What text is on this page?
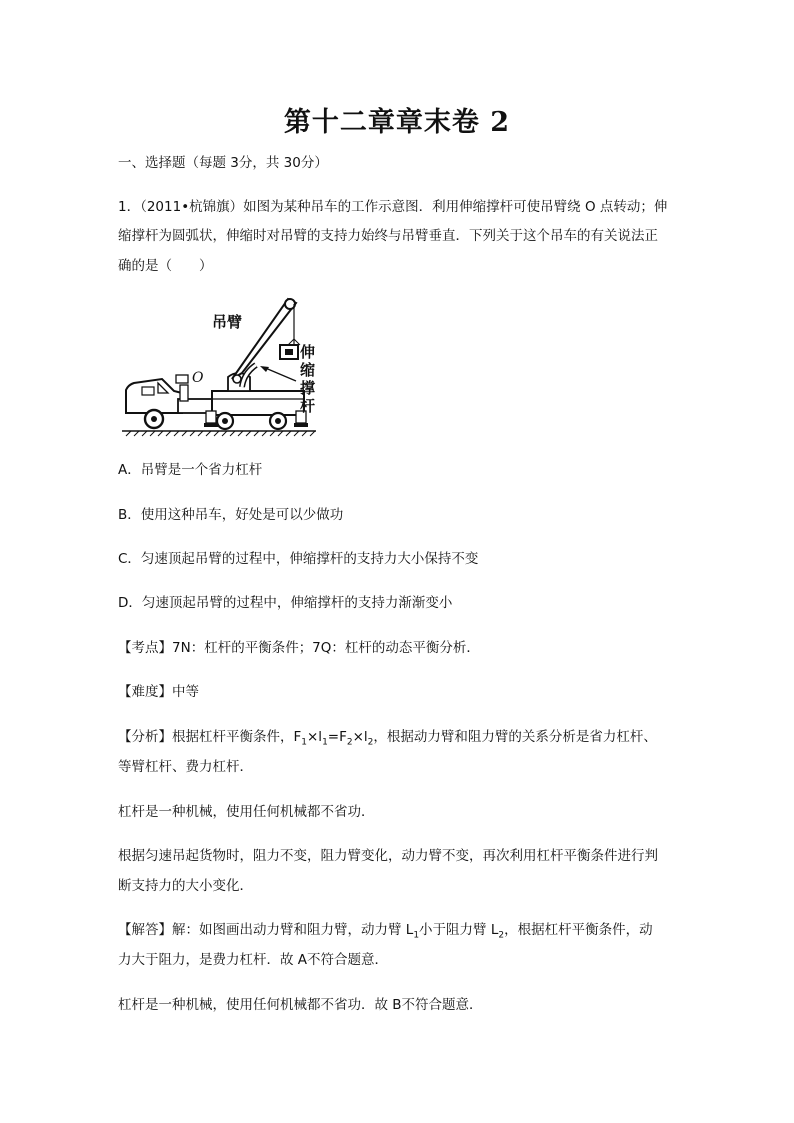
第十二章章末卷 2
一、选择题（每题 3分，共 30分）
1．（2011•杭锦旗）如图为某种吊车的工作示意图．利用伸缩撑杆可使吊臂绕 O 点转动；伸
缩撑杆为圆弧状，伸缩时对吊臂的支持力始终与吊臂垂直．下列关于这个吊车的有关说法正
确的是（　　）
吊臂
O
伸
缩
撑
杆
A．吊臂是一个省力杠杆
B．使用这种吊车，好处是可以少做功
C．匀速顶起吊臂的过程中，伸缩撑杆的支持力大小保持不变
D．匀速顶起吊臂的过程中，伸缩撑杆的支持力渐渐变小
【考点】7N：杠杆的平衡条件；7Q：杠杆的动态平衡分析．
【难度】中等
【分析】根据杠杆平衡条件，$F_1\times l_1=F_2\times l_2$，根据动力臂和阻力臂的关系分析是省力杠杆、
等臂杠杆、费力杠杆．
杠杆是一种机械，使用任何机械都不省功．
根据匀速吊起货物时，阻力不变，阻力臂变化，动力臂不变，再次利用杠杆平衡条件进行判
断支持力的大小变化．
【解答】解：如图画出动力臂和阻力臂，动力臂 $L_1$小于阻力臂 $L_2$，根据杠杆平衡条件，动
力大于阻力，是费力杠杆．故 A不符合题意．
杠杆是一种机械，使用任何机械都不省功．故 B不符合题意．
